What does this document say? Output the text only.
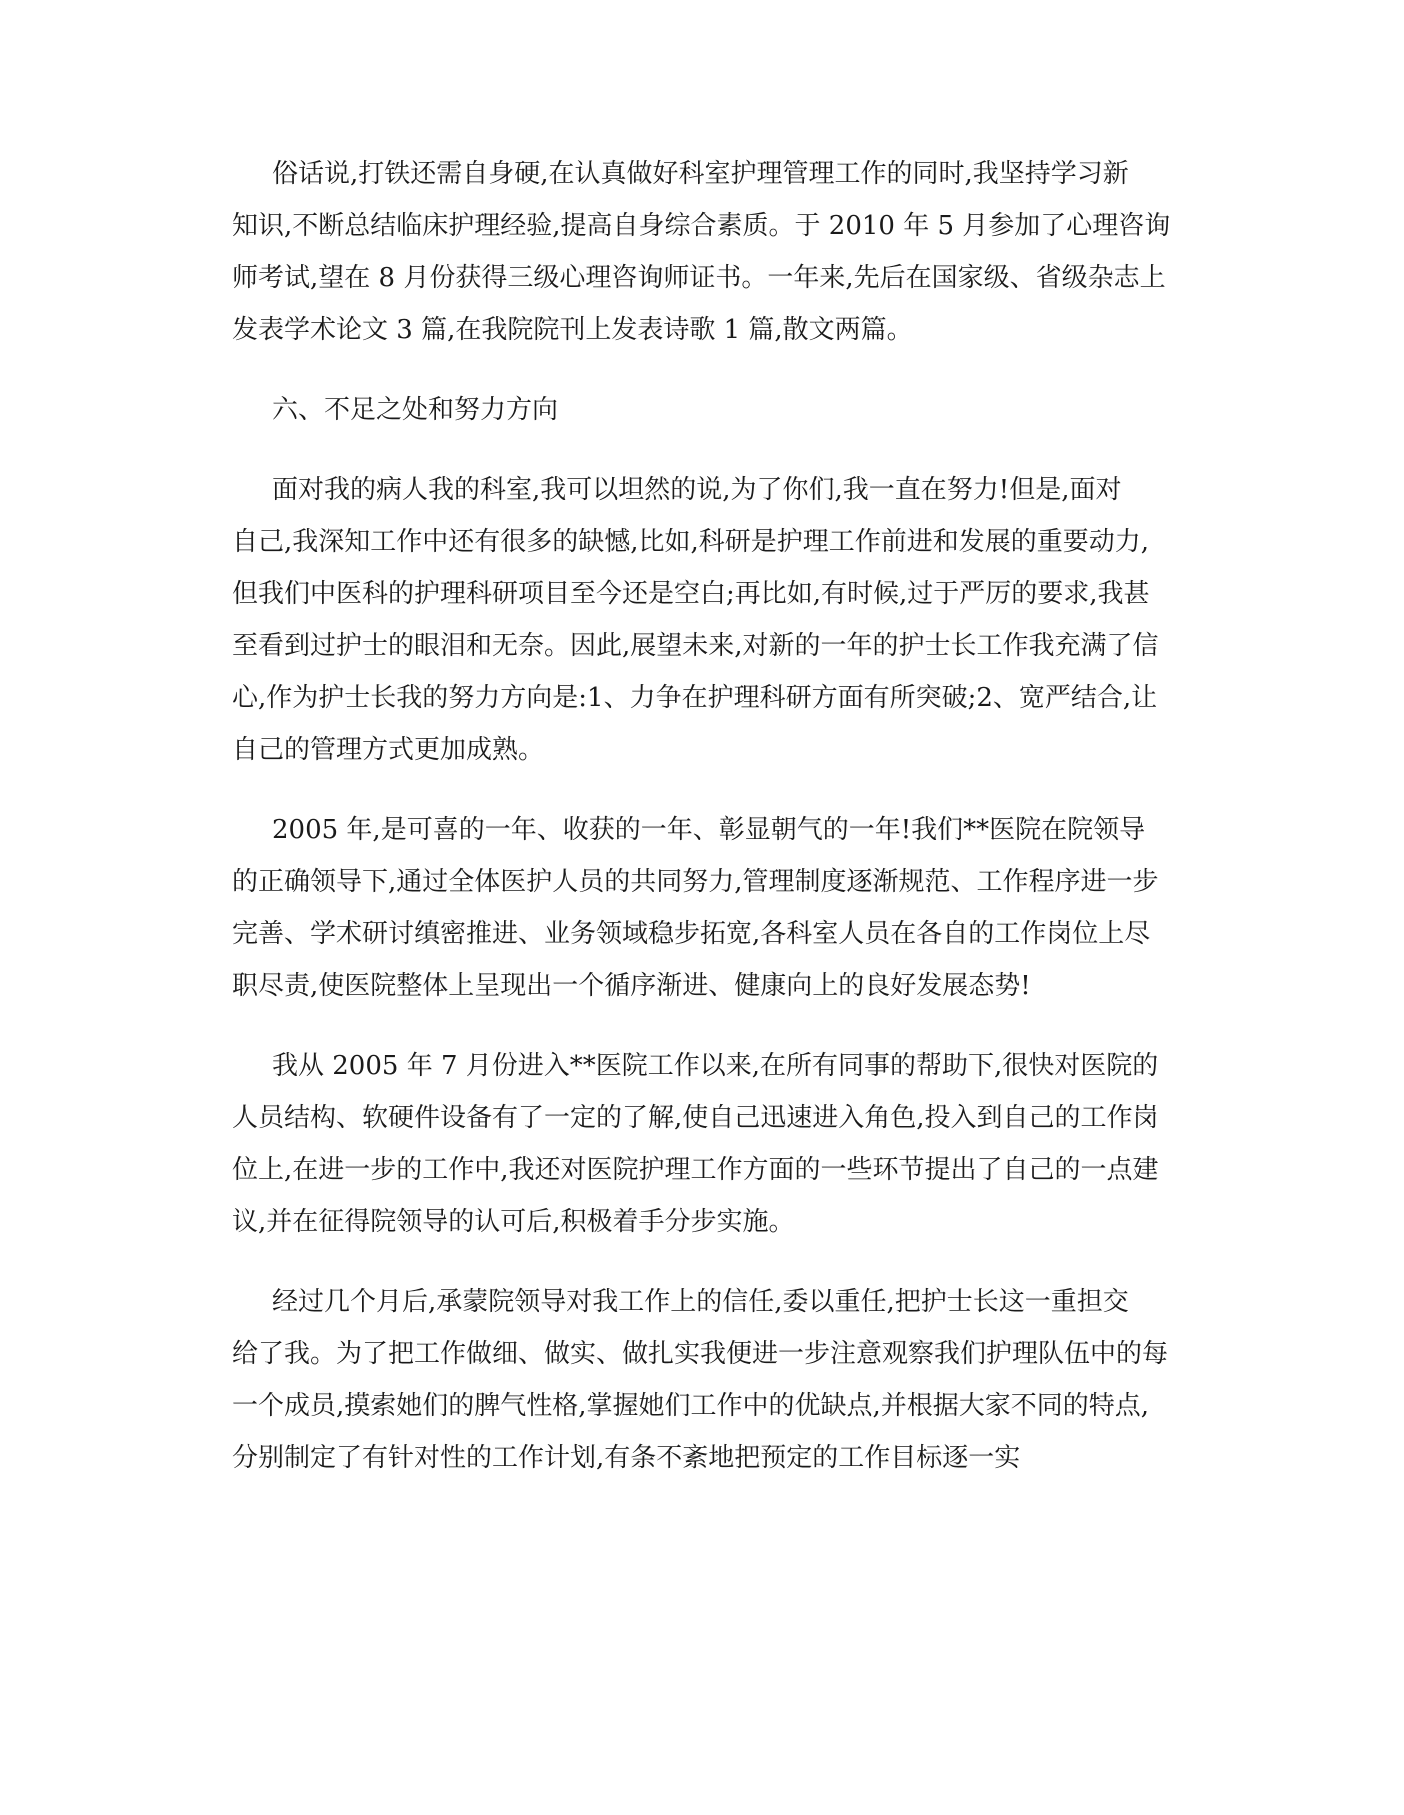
俗话说,打铁还需自身硬,在认真做好科室护理管理工作的同时,我坚持学习新
知识,不断总结临床护理经验,提高自身综合素质。于 2010 年 5 月参加了心理咨询
师考试,望在 8 月份获得三级心理咨询师证书。一年来,先后在国家级、省级杂志上
发表学术论文 3 篇,在我院院刊上发表诗歌 1 篇,散文两篇。
六、不足之处和努力方向
面对我的病人我的科室,我可以坦然的说,为了你们,我一直在努力!但是,面对
自己,我深知工作中还有很多的缺憾,比如,科研是护理工作前进和发展的重要动力,
但我们中医科的护理科研项目至今还是空白;再比如,有时候,过于严厉的要求,我甚
至看到过护士的眼泪和无奈。因此,展望未来,对新的一年的护士长工作我充满了信
心,作为护士长我的努力方向是:1、力争在护理科研方面有所突破;2、宽严结合,让
自己的管理方式更加成熟。
2005 年,是可喜的一年、收获的一年、彰显朝气的一年!我们**医院在院领导
的正确领导下,通过全体医护人员的共同努力,管理制度逐渐规范、工作程序进一步
完善、学术研讨缜密推进、业务领域稳步拓宽,各科室人员在各自的工作岗位上尽
职尽责,使医院整体上呈现出一个循序渐进、健康向上的良好发展态势!
我从 2005 年 7 月份进入**医院工作以来,在所有同事的帮助下,很快对医院的
人员结构、软硬件设备有了一定的了解,使自己迅速进入角色,投入到自己的工作岗
位上,在进一步的工作中,我还对医院护理工作方面的一些环节提出了自己的一点建
议,并在征得院领导的认可后,积极着手分步实施。
经过几个月后,承蒙院领导对我工作上的信任,委以重任,把护士长这一重担交
给了我。为了把工作做细、做实、做扎实我便进一步注意观察我们护理队伍中的每
一个成员,摸索她们的脾气性格,掌握她们工作中的优缺点,并根据大家不同的特点,
分别制定了有针对性的工作计划,有条不紊地把预定的工作目标逐一实
